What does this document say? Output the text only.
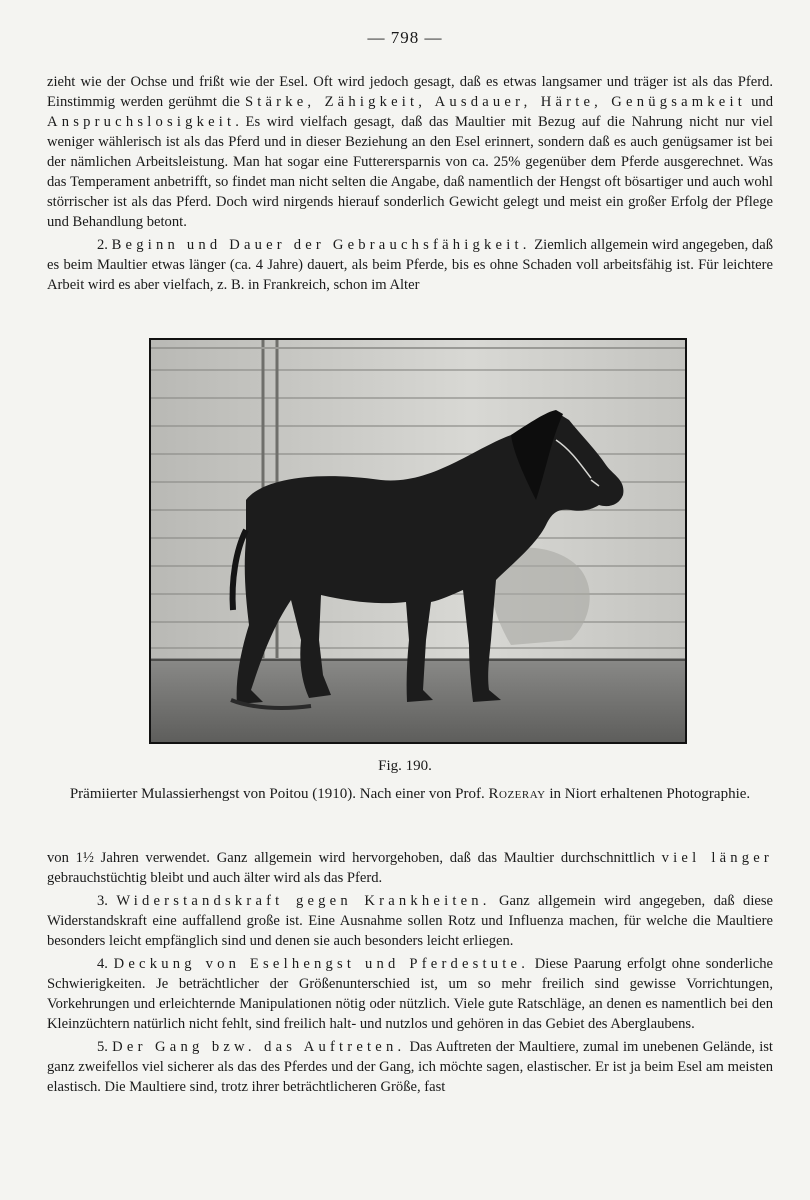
— 798 —

zieht wie der Ochse und frißt wie der Esel. Oft wird jedoch gesagt, daß es etwas langsamer und träger ist als das Pferd. Einstimmig werden gerühmt die Stärke, Zähigkeit, Ausdauer, Härte, Genügsamkeit und Anspruchslosigkeit. Es wird vielfach gesagt, daß das Maultier mit Bezug auf die Nahrung nicht nur viel weniger wählerisch ist als das Pferd und in dieser Beziehung an den Esel erinnert, sondern daß es auch genügsamer ist bei der nämlichen Arbeitsleistung. Man hat sogar eine Futterersparnis von ca. 25% gegenüber dem Pferde ausgerechnet. Was das Temperament anbetrifft, so findet man nicht selten die Angabe, daß namentlich der Hengst oft bösartiger und auch wohl störrischer ist als das Pferd. Doch wird nirgends hierauf sonderlich Gewicht gelegt und meist ein großer Erfolg der Pflege und Behandlung betont.

2. Beginn und Dauer der Gebrauchsfähigkeit. Ziemlich allgemein wird angegeben, daß es beim Maultier etwas länger (ca. 4 Jahre) dauert, als beim Pferde, bis es ohne Schaden voll arbeitsfähig ist. Für leichtere Arbeit wird es aber vielfach, z. B. in Frankreich, schon im Alter

Fig. 190.
Prämiierter Mulassierhengst von Poitou (1910). Nach einer von Prof. Rozeray in Niort erhaltenen Photographie.

von 1½ Jahren verwendet. Ganz allgemein wird hervorgehoben, daß das Maultier durchschnittlich viel länger gebrauchstüchtig bleibt und auch älter wird als das Pferd.

3. Widerstandskraft gegen Krankheiten. Ganz allgemein wird angegeben, daß diese Widerstandskraft eine auffallend große ist. Eine Ausnahme sollen Rotz und Influenza machen, für welche die Maultiere besonders leicht empfänglich sind und denen sie auch besonders leicht erliegen.

4. Deckung von Eselhengst und Pferdestute. Diese Paarung erfolgt ohne sonderliche Schwierigkeiten. Je beträchtlicher der Größenunterschied ist, um so mehr freilich sind gewisse Vorrichtungen, Vorkehrungen und erleichternde Manipulationen nötig oder nützlich. Viele gute Ratschläge, an denen es namentlich bei den Kleinzüchtern natürlich nicht fehlt, sind freilich halt- und nutzlos und gehören in das Gebiet des Aberglaubens.

5. Der Gang bzw. das Auftreten. Das Auftreten der Maultiere, zumal im unebenen Gelände, ist ganz zweifellos viel sicherer als das des Pferdes und der Gang, ich möchte sagen, elastischer. Er ist ja beim Esel am meisten elastisch. Die Maultiere sind, trotz ihrer beträchtlicheren Größe, fast
